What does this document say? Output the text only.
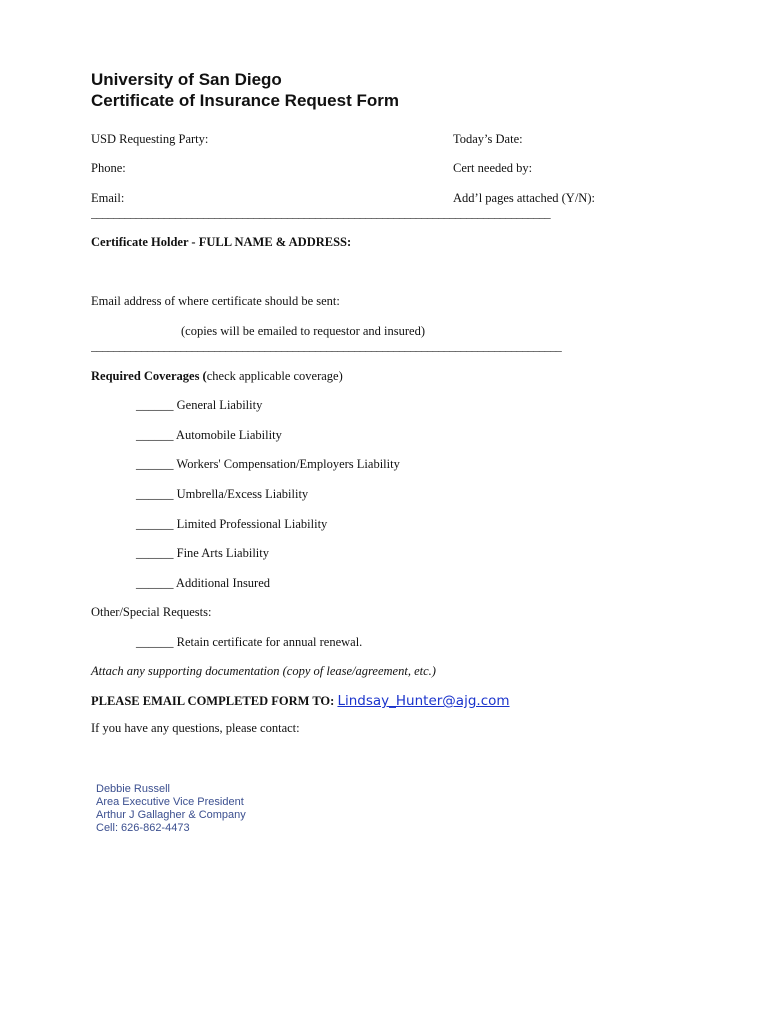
University of San Diego
Certificate of Insurance Request Form
USD Requesting Party:	Today’s Date:
Phone:	Cert needed by:
Email:	Add’l pages attached (Y/N):
__________________________________________________________________________________
Certificate Holder - FULL NAME & ADDRESS:
Email address of where certificate should be sent:
(copies will be emailed to requestor and insured)
____________________________________________________________________________________
Required Coverages (check applicable coverage)
______ General Liability
______ Automobile Liability
______ Workers' Compensation/Employers Liability
______ Umbrella/Excess Liability
______ Limited Professional Liability
______ Fine Arts Liability
______ Additional Insured
Other/Special Requests:
______ Retain certificate for annual renewal.
Attach any supporting documentation (copy of lease/agreement, etc.)
PLEASE EMAIL COMPLETED FORM TO: Lindsay_Hunter@ajg.com
If you have any questions, please contact:
Debbie Russell
Area Executive Vice President
Arthur J Gallagher & Company
Cell: 626-862-4473
